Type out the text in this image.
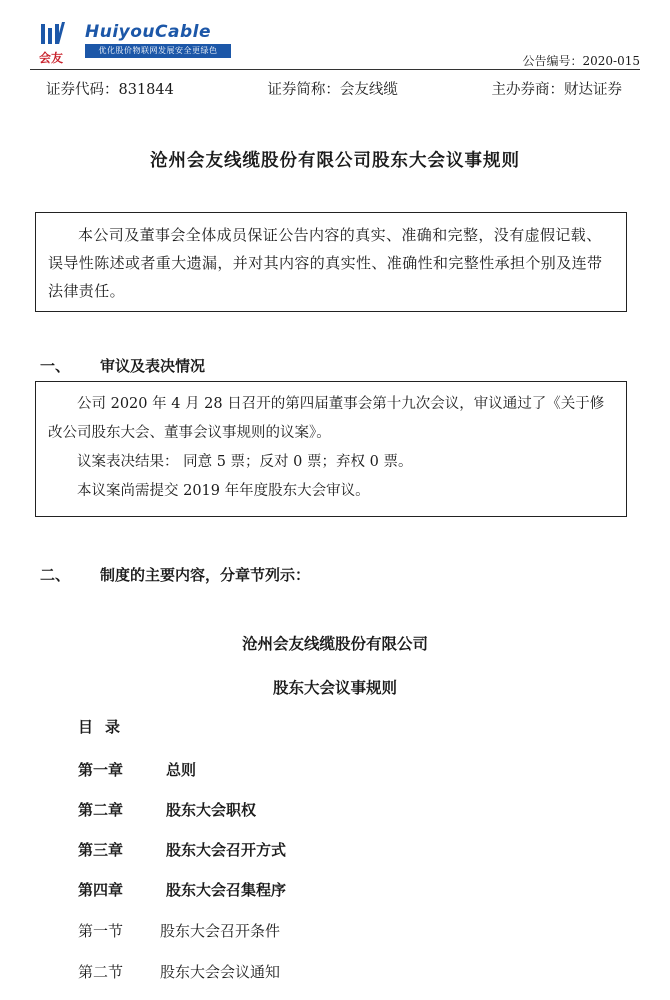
会友
HuiyouCable
优化股价物联网发展安全更绿色
公告编号：2020-015
证券代码：831844	证券简称：会友线缆	主办券商：财达证券
沧州会友线缆股份有限公司股东大会议事规则

本公司及董事会全体成员保证公告内容的真实、准确和完整，没有虚假记载、误导性陈述或者重大遗漏，并对其内容的真实性、准确性和完整性承担个别及连带法律责任。

一、 审议及表决情况

公司 2020 年 4 月 28 日召开的第四届董事会第十九次会议，审议通过了《关于修改公司股东大会、董事会议事规则的议案》。

议案表决结果： 同意 5 票；反对 0 票；弃权 0 票。

本议案尚需提交 2019 年年度股东大会审议。

二、 制度的主要内容，分章节列示：
沧州会友线缆股份有限公司
股东大会议事规则
目录
第一章	总则
第二章	股东大会职权
第三章	股东大会召开方式
第四章	股东大会召集程序
第一节 股东大会召开条件
第二节 股东大会会议通知
